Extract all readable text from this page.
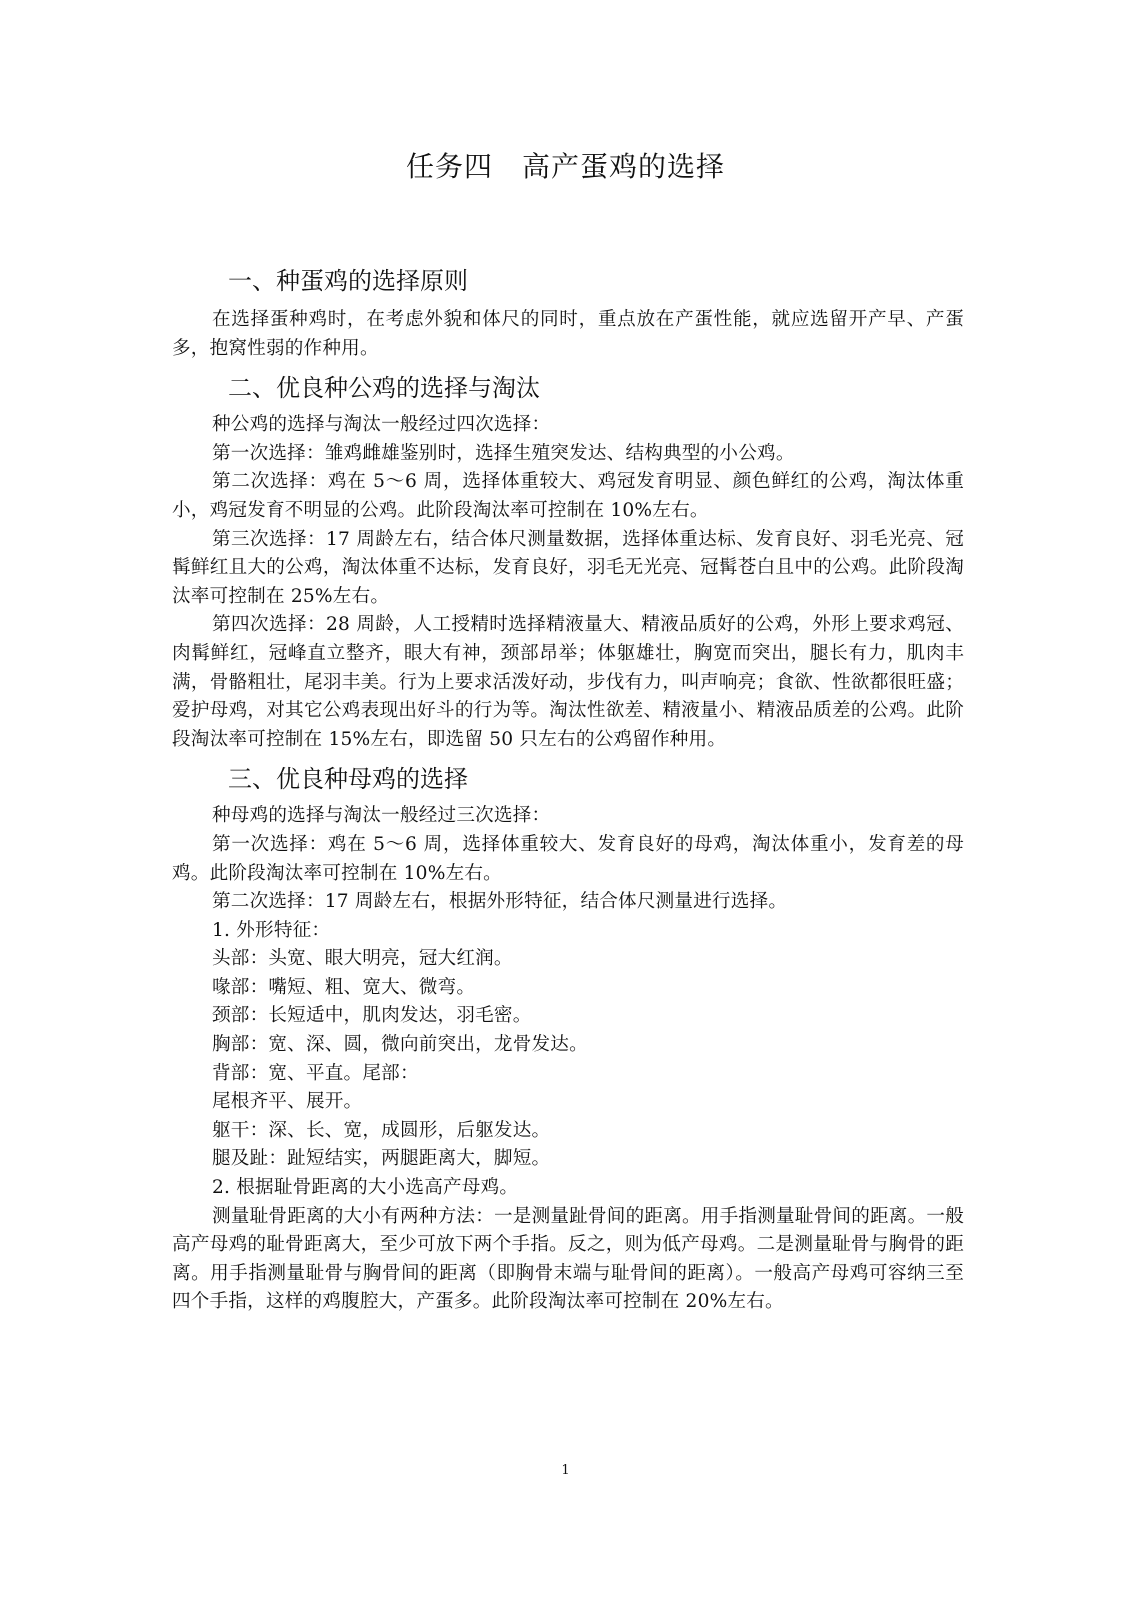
任务四　高产蛋鸡的选择
一、种蛋鸡的选择原则

在选择蛋种鸡时，在考虑外貌和体尺的同时，重点放在产蛋性能，就应选留开产早、产蛋多，抱窝性弱的作种用。

二、优良种公鸡的选择与淘汰

种公鸡的选择与淘汰一般经过四次选择：

第一次选择：雏鸡雌雄鉴别时，选择生殖突发达、结构典型的小公鸡。

第二次选择：鸡在 5～6 周，选择体重较大、鸡冠发育明显、颜色鲜红的公鸡，淘汰体重小，鸡冠发育不明显的公鸡。此阶段淘汰率可控制在 10%左右。

第三次选择：17 周龄左右，结合体尺测量数据，选择体重达标、发育良好、羽毛光亮、冠髯鲜红且大的公鸡，淘汰体重不达标，发育良好，羽毛无光亮、冠髯苍白且中的公鸡。此阶段淘汰率可控制在 25%左右。

第四次选择：28 周龄，人工授精时选择精液量大、精液品质好的公鸡，外形上要求鸡冠、肉髯鲜红，冠峰直立整齐，眼大有神，颈部昂举；体躯雄壮，胸宽而突出，腿长有力，肌肉丰满，骨骼粗壮，尾羽丰美。行为上要求活泼好动，步伐有力，叫声响亮；食欲、性欲都很旺盛；爱护母鸡，对其它公鸡表现出好斗的行为等。淘汰性欲差、精液量小、精液品质差的公鸡。此阶段淘汰率可控制在 15%左右，即选留 50 只左右的公鸡留作种用。

三、优良种母鸡的选择

种母鸡的选择与淘汰一般经过三次选择：

第一次选择：鸡在 5～6 周，选择体重较大、发育良好的母鸡，淘汰体重小，发育差的母鸡。此阶段淘汰率可控制在 10%左右。

第二次选择：17 周龄左右，根据外形特征，结合体尺测量进行选择。

1. 外形特征：

头部：头宽、眼大明亮，冠大红润。

喙部：嘴短、粗、宽大、微弯。

颈部：长短适中，肌肉发达，羽毛密。

胸部：宽、深、圆，微向前突出，龙骨发达。

背部：宽、平直。尾部：

尾根齐平、展开。

躯干：深、长、宽，成圆形，后躯发达。

腿及趾：趾短结实，两腿距离大，脚短。

2. 根据耻骨距离的大小选高产母鸡。

测量耻骨距离的大小有两种方法：一是测量趾骨间的距离。用手指测量耻骨间的距离。一般高产母鸡的耻骨距离大，至少可放下两个手指。反之，则为低产母鸡。二是测量耻骨与胸骨的距离。用手指测量耻骨与胸骨间的距离（即胸骨末端与耻骨间的距离）。一般高产母鸡可容纳三至四个手指，这样的鸡腹腔大，产蛋多。此阶段淘汰率可控制在 20%左右。

1
